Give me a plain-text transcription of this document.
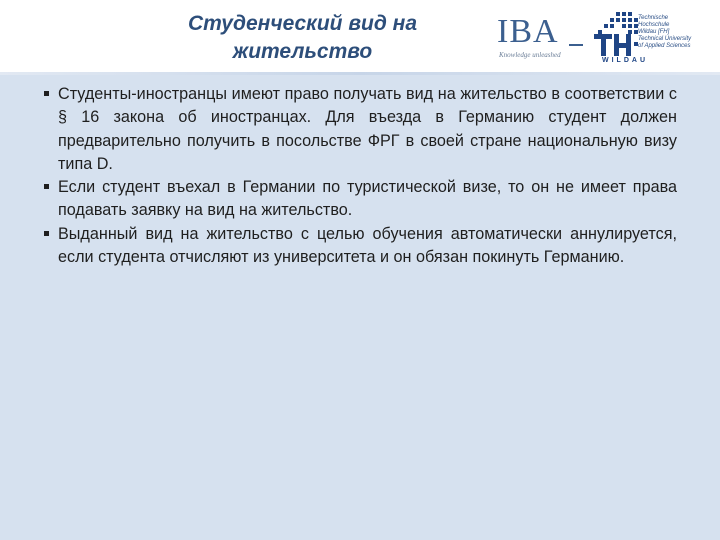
Студенческий вид на жительство
IBA
Knowledge unleashed
Technische
Hochschule
Wildau [FH]
Technical University
of Applied Sciences
WILDAU
Студенты-иностранцы имеют право получать вид на жительство в соответствии с § 16 закона об иностранцах. Для въезда в Германию студент должен предварительно получить в посольстве ФРГ в своей стране национальную визу типа D.
Если студент въехал в Германии по туристической визе, то он не имеет права подавать заявку на вид на жительство.
Выданный вид на жительство с целью обучения автоматически аннулируется, если студента отчисляют из университета и он обязан покинуть Германию.
